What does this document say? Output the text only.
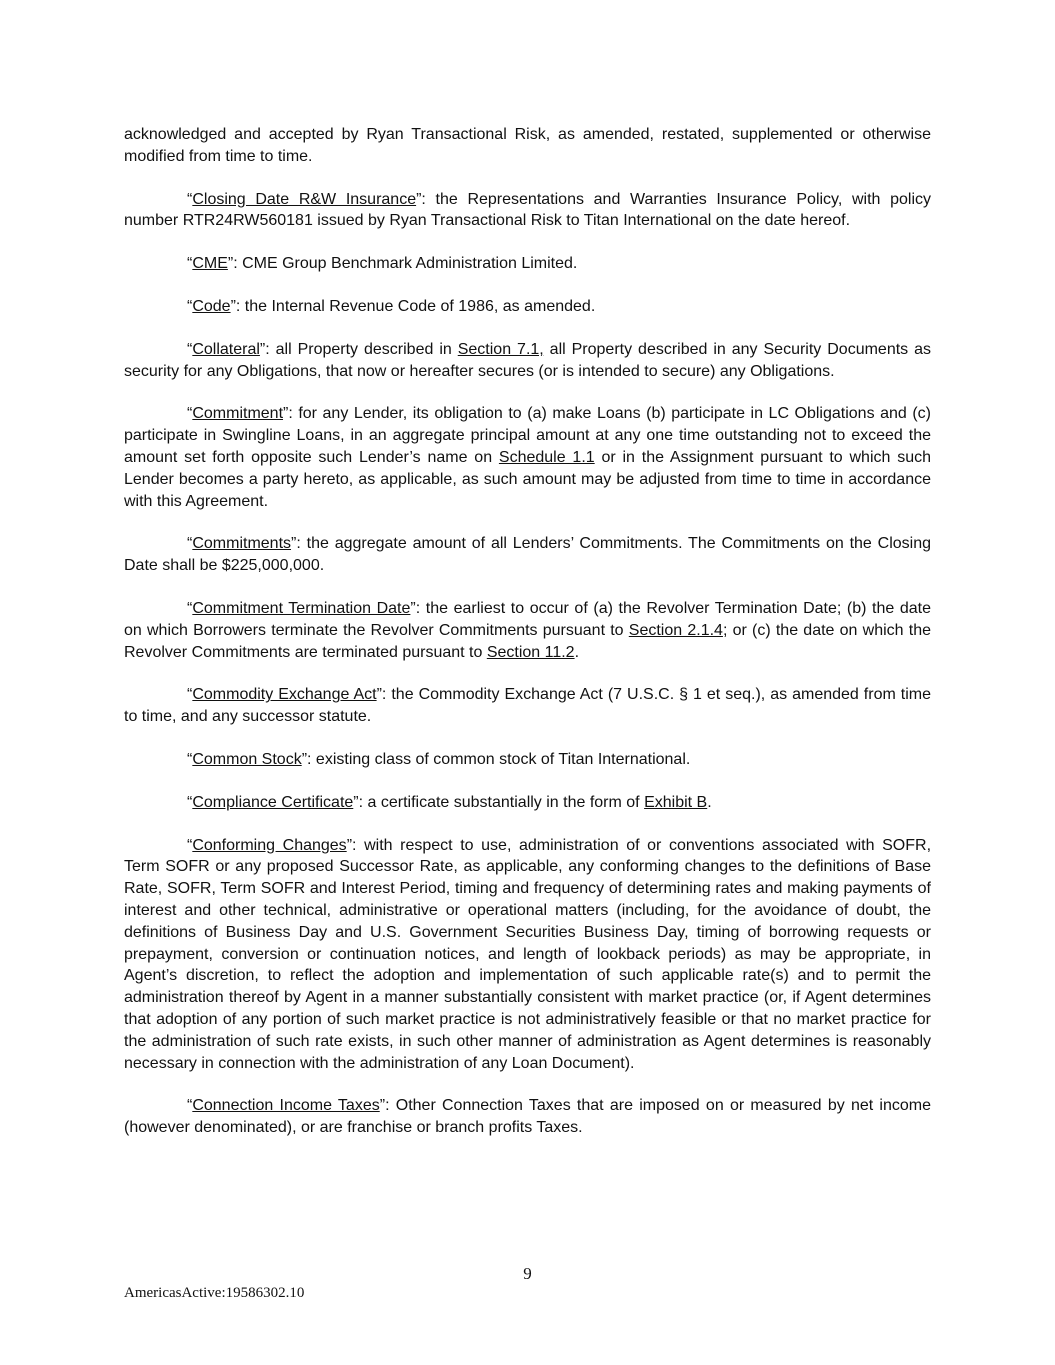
acknowledged and accepted by Ryan Transactional Risk, as amended, restated, supplemented or otherwise modified from time to time.

“Closing Date R&W Insurance”: the Representations and Warranties Insurance Policy, with policy number RTR24RW560181 issued by Ryan Transactional Risk to Titan International on the date hereof.

“CME”: CME Group Benchmark Administration Limited.

“Code”: the Internal Revenue Code of 1986, as amended.

“Collateral”: all Property described in Section 7.1, all Property described in any Security Documents as security for any Obligations, that now or hereafter secures (or is intended to secure) any Obligations.

“Commitment”: for any Lender, its obligation to (a) make Loans (b) participate in LC Obligations and (c) participate in Swingline Loans, in an aggregate principal amount at any one time outstanding not to exceed the amount set forth opposite such Lender’s name on Schedule 1.1 or in the Assignment pursuant to which such Lender becomes a party hereto, as applicable, as such amount may be adjusted from time to time in accordance with this Agreement.

“Commitments”: the aggregate amount of all Lenders’ Commitments. The Commitments on the Closing Date shall be $225,000,000.

“Commitment Termination Date”: the earliest to occur of (a) the Revolver Termination Date; (b) the date on which Borrowers terminate the Revolver Commitments pursuant to Section 2.1.4; or (c) the date on which the Revolver Commitments are terminated pursuant to Section 11.2.

“Commodity Exchange Act”: the Commodity Exchange Act (7 U.S.C. § 1 et seq.), as amended from time to time, and any successor statute.

“Common Stock”: existing class of common stock of Titan International.

“Compliance Certificate”: a certificate substantially in the form of Exhibit B.

“Conforming Changes”: with respect to use, administration of or conventions associated with SOFR, Term SOFR or any proposed Successor Rate, as applicable, any conforming changes to the definitions of Base Rate, SOFR, Term SOFR and Interest Period, timing and frequency of determining rates and making payments of interest and other technical, administrative or operational matters (including, for the avoidance of doubt, the definitions of Business Day and U.S. Government Securities Business Day, timing of borrowing requests or prepayment, conversion or continuation notices, and length of lookback periods) as may be appropriate, in Agent’s discretion, to reflect the adoption and implementation of such applicable rate(s) and to permit the administration thereof by Agent in a manner substantially consistent with market practice (or, if Agent determines that adoption of any portion of such market practice is not administratively feasible or that no market practice for the administration of such rate exists, in such other manner of administration as Agent determines is reasonably necessary in connection with the administration of any Loan Document).

“Connection Income Taxes”: Other Connection Taxes that are imposed on or measured by net income (however denominated), or are franchise or branch profits Taxes.

9
AmericasActive:19586302.10
